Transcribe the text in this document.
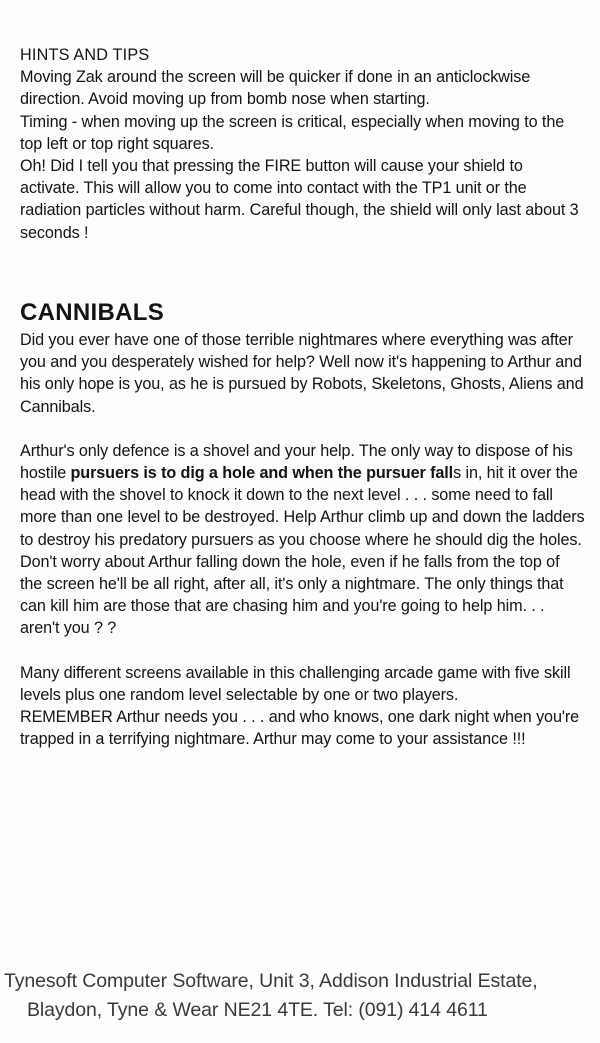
HINTS AND TIPS

Moving Zak around the screen will be quicker if done in an anticlockwise direction. Avoid moving up from bomb nose when starting.

Timing - when moving up the screen is critical, especially when moving to the top left or top right squares.

Oh! Did I tell you that pressing the FIRE button will cause your shield to activate. This will allow you to come into contact with the TP1 unit or the radiation particles without harm. Careful though, the shield will only last about 3 seconds !

CANNIBALS

Did you ever have one of those terrible nightmares where everything was after you and you desperately wished for help? Well now it's happening to Arthur and his only hope is you, as he is pursued by Robots, Skeletons, Ghosts, Aliens and Cannibals.

Arthur's only defence is a shovel and your help. The only way to dispose of his hostile pursuers is to dig a hole and when the pursuer falls in, hit it over the head with the shovel to knock it down to the next level . . . some need to fall more than one level to be destroyed. Help Arthur climb up and down the ladders to destroy his predatory pursuers as you choose where he should dig the holes.

Don't worry about Arthur falling down the hole, even if he falls from the top of the screen he'll be all right, after all, it's only a nightmare. The only things that can kill him are those that are chasing him and you're going to help him. . . aren't you ? ?

Many different screens available in this challenging arcade game with five skill levels plus one random level selectable by one or two players.

REMEMBER Arthur needs you . . . and who knows, one dark night when you're trapped in a terrifying nightmare. Arthur may come to your assistance !!!

Tynesoft Computer Software, Unit 3, Addison Industrial Estate,
Blaydon, Tyne & Wear NE21 4TE. Tel: (091) 414 4611
